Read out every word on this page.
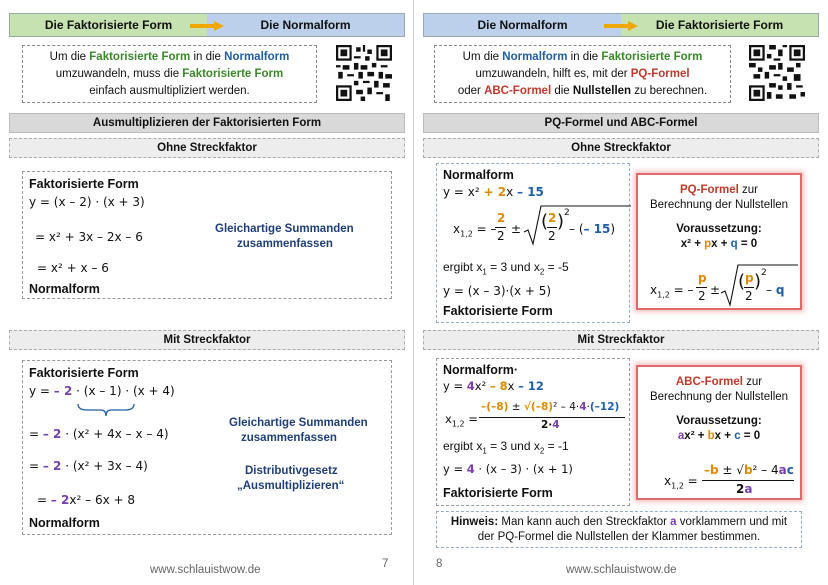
Die Faktorisierte Form	Die Normalform
Um die Faktorisierte Form in die Normalform
umzuwandeln, muss die Faktorisierte Form
einfach ausmultipliziert werden.
Ausmultiplizieren der Faktorisierten Form
Ohne Streckfaktor
Faktorisierte Form
y = (x – 2) · (x + 3)
= x² + 3x – 2x – 6
= x² + x – 6
Normalform
Gleichartige Summanden
zusammenfassen
Mit Streckfaktor
Faktorisierte Form
y = – 2 · (x – 1) · (x + 4)
= – 2 · (x² + 4x – x – 4)
= – 2 · (x² + 3x – 4)
= – 2x² – 6x + 8
Normalform
Gleichartige Summanden
zusammenfassen
Distributivgesetz
„Ausmultiplizieren“
www.schlauistwow.de	7
Die Normalform	Die Faktorisierte Form
Um die Normalform in die Faktorisierte Form
umzuwandeln, hilft es, mit der PQ-Formel
oder ABC-Formel die Nullstellen zu berechnen.
PQ-Formel und ABC-Formel
Ohne Streckfaktor
Normalform
y = x² + 2x – 15
$x_{1,2}$ = –
2
2 ± ( 2
2
) 2
– (– 15)
ergibt $x_1 = 3$ und $x_2 = -5$
y = (x – 3)·(x + 5)
Faktorisierte Form
PQ-Formel zur
Berechnung der Nullstellen
Voraussetzung:
x² + px + q = 0
$x_{1,2}$ = –
p
2 ± ( p
2
) 2
– q
Mit Streckfaktor
Normalform·
y = 4x² – 8x – 12
$x_{1,2}$ =
–(–8) ± √(–8)² – 4·4·(–12)
2·4
ergibt $x_1 = 3$ und $x_2 = -1$
y = 4 · (x – 3) · (x + 1)
Faktorisierte Form
ABC-Formel zur
Berechnung der Nullstellen
Voraussetzung:
ax² + bx + c = 0
$x_{1,2}$ =
–b ± √b² – 4ac
2a
Hinweis: Man kann auch den Streckfaktor a vorklammern und mit
der PQ-Formel die Nullstellen der Klammer bestimmen.
8	www.schlauistwow.de
